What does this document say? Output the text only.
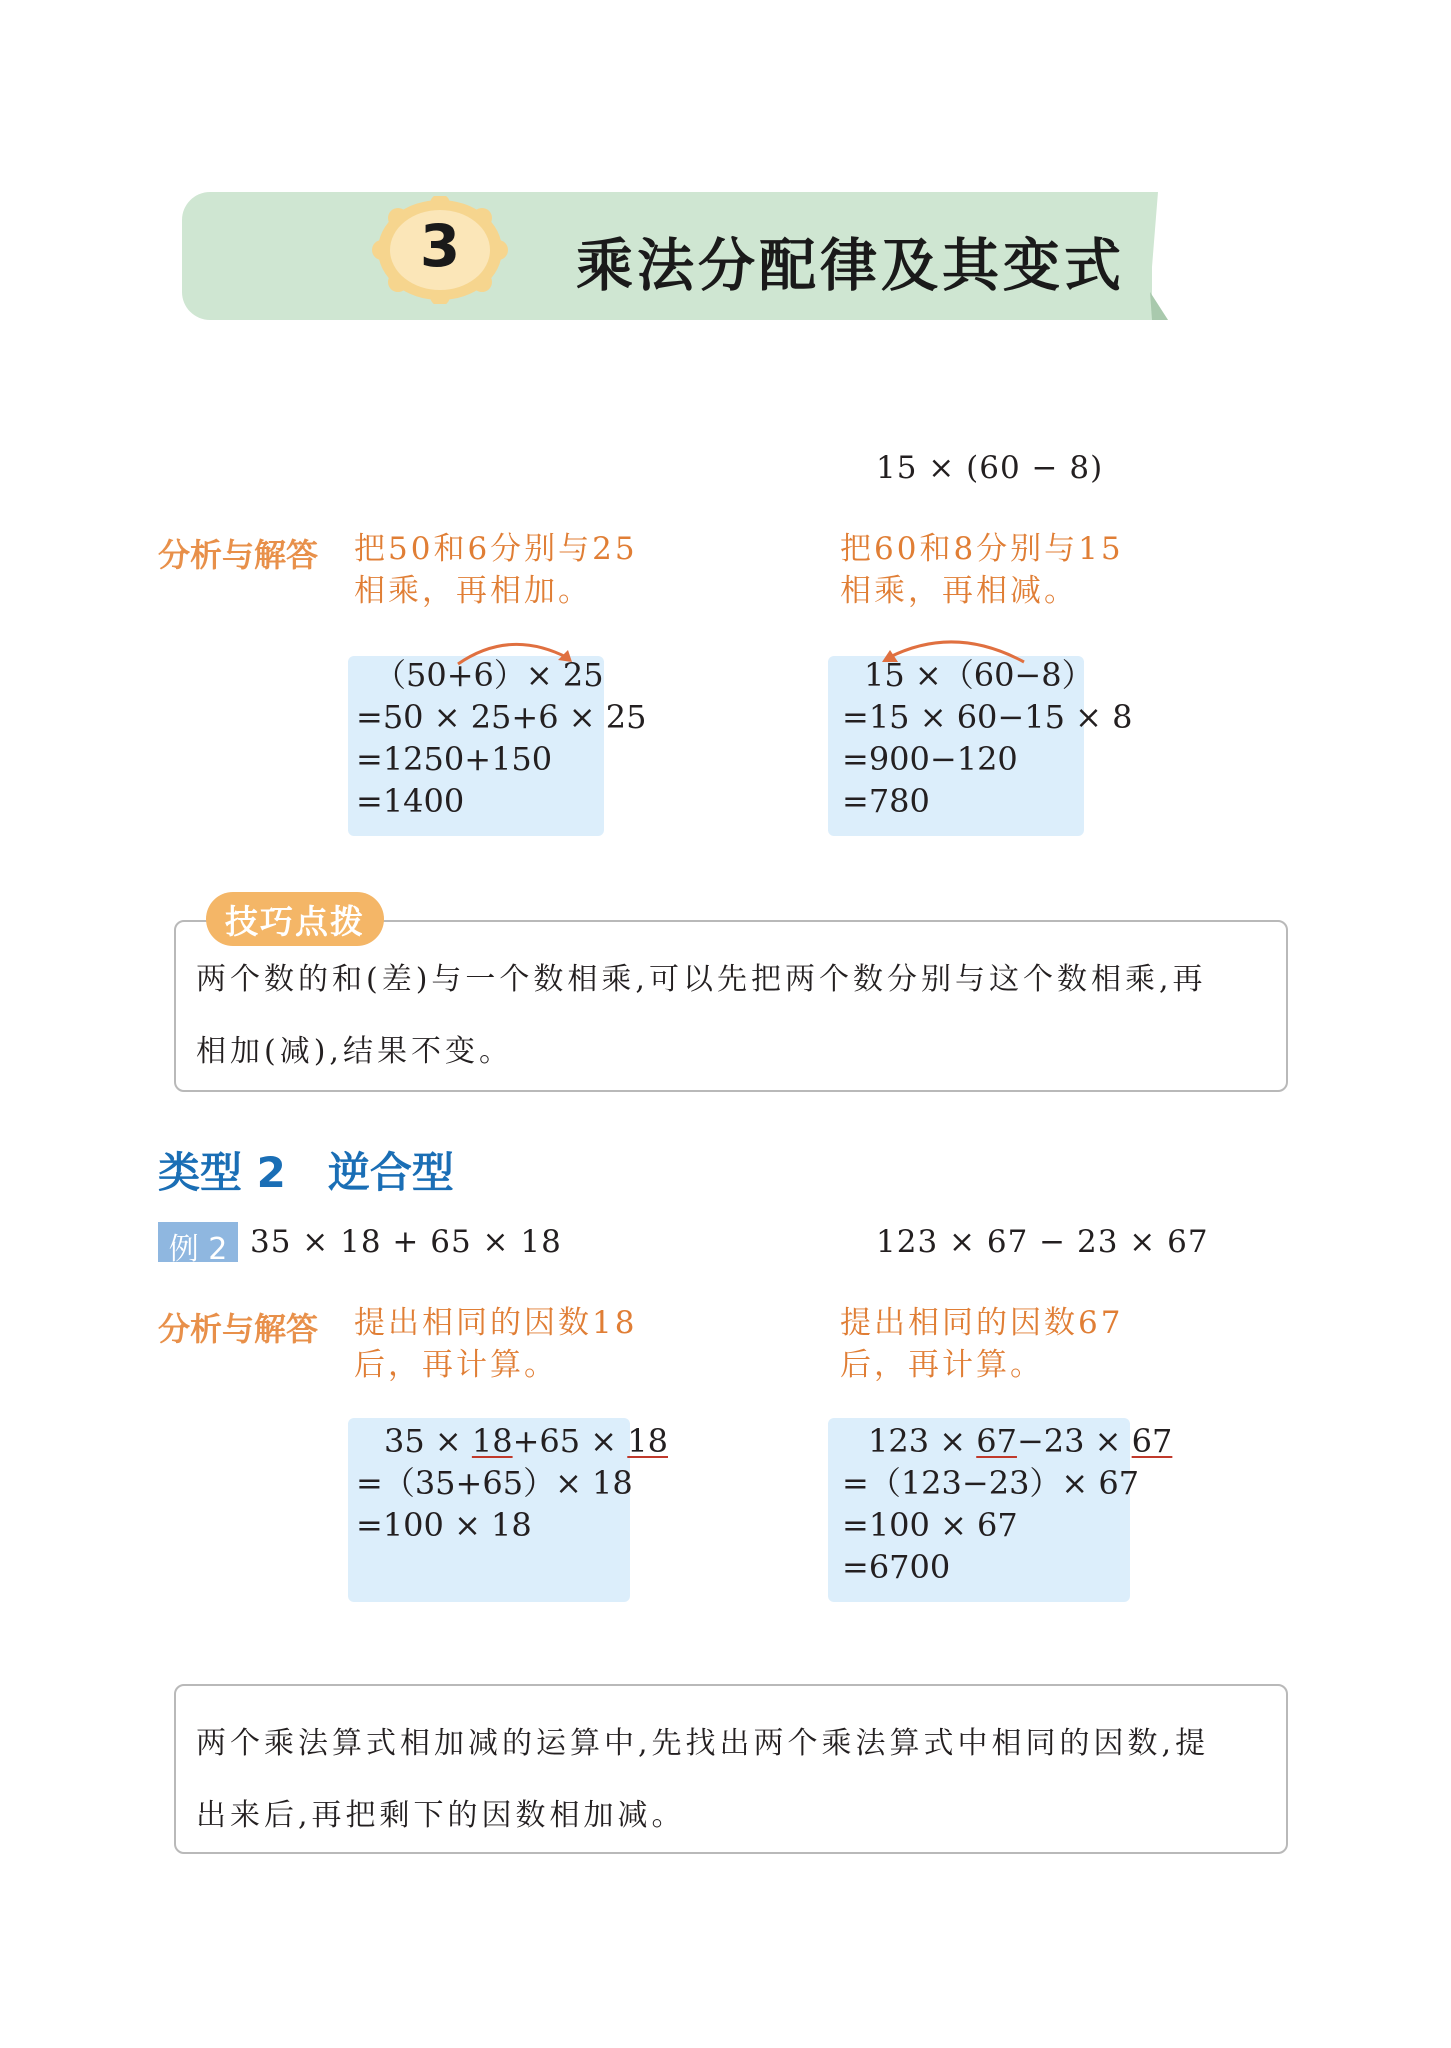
3	乘法分配律及其变式
15 × (60 − 8)
分析与解答 把50和6分别与25
相乘，再相加。
把60和8分别与15
相乘，再相减。
（50+6）× 25
=50 × 25+6 × 25
=1250+150
=1400
15 ×（60−8）
=15 × 60−15 × 8
=900−120
=780
技巧点拨
两个数的和(差)与一个数相乘,可以先把两个数分别与这个数相乘,再
相加(减),结果不变。
类型 2　逆合型
例 2 35 × 18 + 65 × 18	123 × 67 − 23 × 67
分析与解答 提出相同的因数18
后，再计算。
提出相同的因数67
后，再计算。
35 × 18+65 × 18
=（35+65）× 18
=100 × 18
123 × 67−23 × 67
=（123−23）× 67
=100 × 67
=6700
两个乘法算式相加减的运算中,先找出两个乘法算式中相同的因数,提
出来后,再把剩下的因数相加减。
